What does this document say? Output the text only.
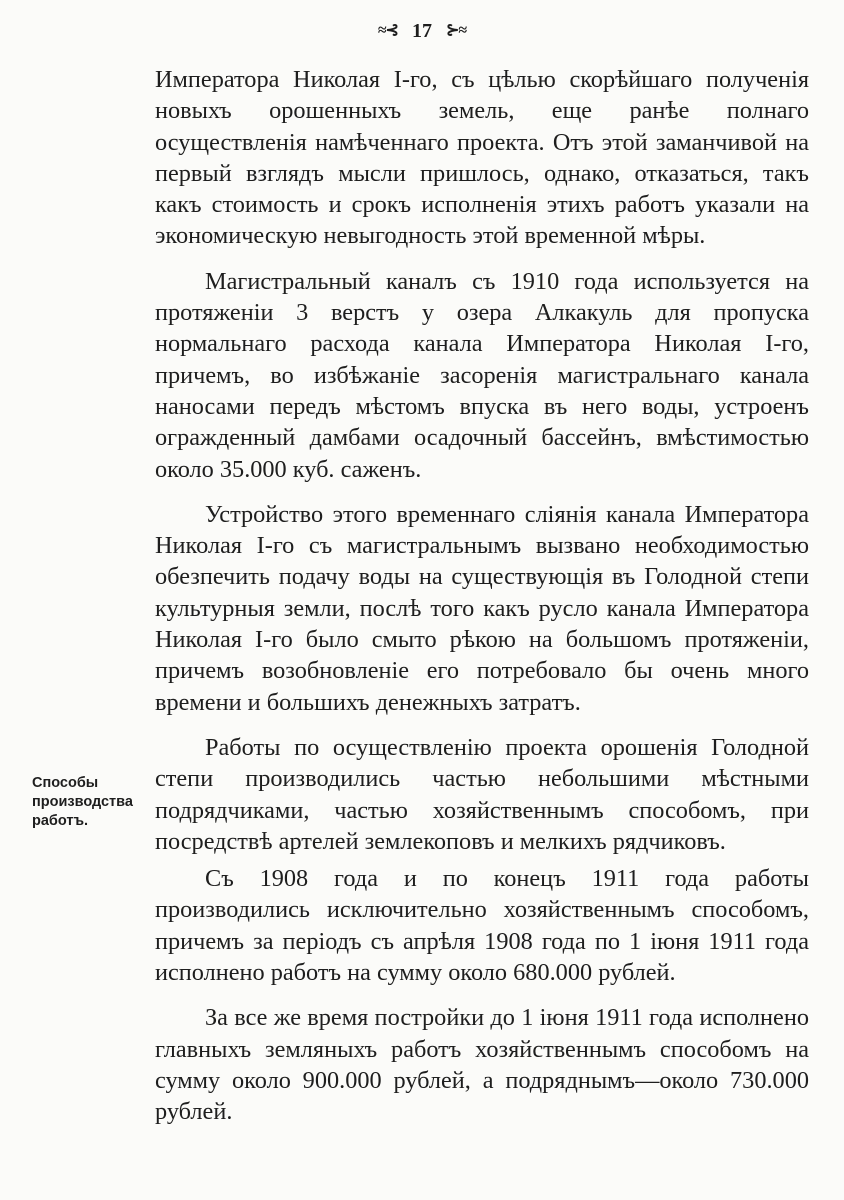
≈⊰ 17 ⊱≈
Способы производства работъ.

Императора Николая I-го, съ цѣлью скорѣйшаго полученія новыхъ орошенныхъ земель, еще ранѣе полнаго осуществленія намѣченнаго проекта. Отъ этой заманчивой на первый взглядъ мысли пришлось, однако, отказаться, такъ какъ стоимость и срокъ исполненія этихъ работъ указали на экономическую невыгодность этой временной мѣры.

Магистральный каналъ съ 1910 года используется на протяженіи 3 верстъ у озера Алкакуль для пропуска нормальнаго расхода канала Императора Николая I-го, причемъ, во избѣжаніе засоренія магистральнаго канала наносами передъ мѣстомъ впуска въ него воды, устроенъ огражденный дамбами осадочный бассейнъ, вмѣстимостью около 35.000 куб. саженъ.

Устройство этого временнаго сліянія канала Императора Николая I-го съ магистральнымъ вызвано необходимостью обезпечить подачу воды на существующія въ Голодной степи культурныя земли, послѣ того какъ русло канала Императора Николая I-го было смыто рѣкою на большомъ протяженіи, причемъ возобновленіе его потребовало бы очень много времени и большихъ денежныхъ затратъ.

Работы по осуществленію проекта орошенія Голодной степи производились частью небольшими мѣстными подрядчиками, частью хозяйственнымъ способомъ, при посредствѣ артелей землекоповъ и мелкихъ рядчиковъ.

Съ 1908 года и по конецъ 1911 года работы производились исключительно хозяйственнымъ способомъ, причемъ за періодъ съ апрѣля 1908 года по 1 іюня 1911 года исполнено работъ на сумму около 680.000 рублей.

За все же время постройки до 1 іюня 1911 года исполнено главныхъ земляныхъ работъ хозяйственнымъ способомъ на сумму около 900.000 рублей, а подряднымъ—около 730.000 рублей.
